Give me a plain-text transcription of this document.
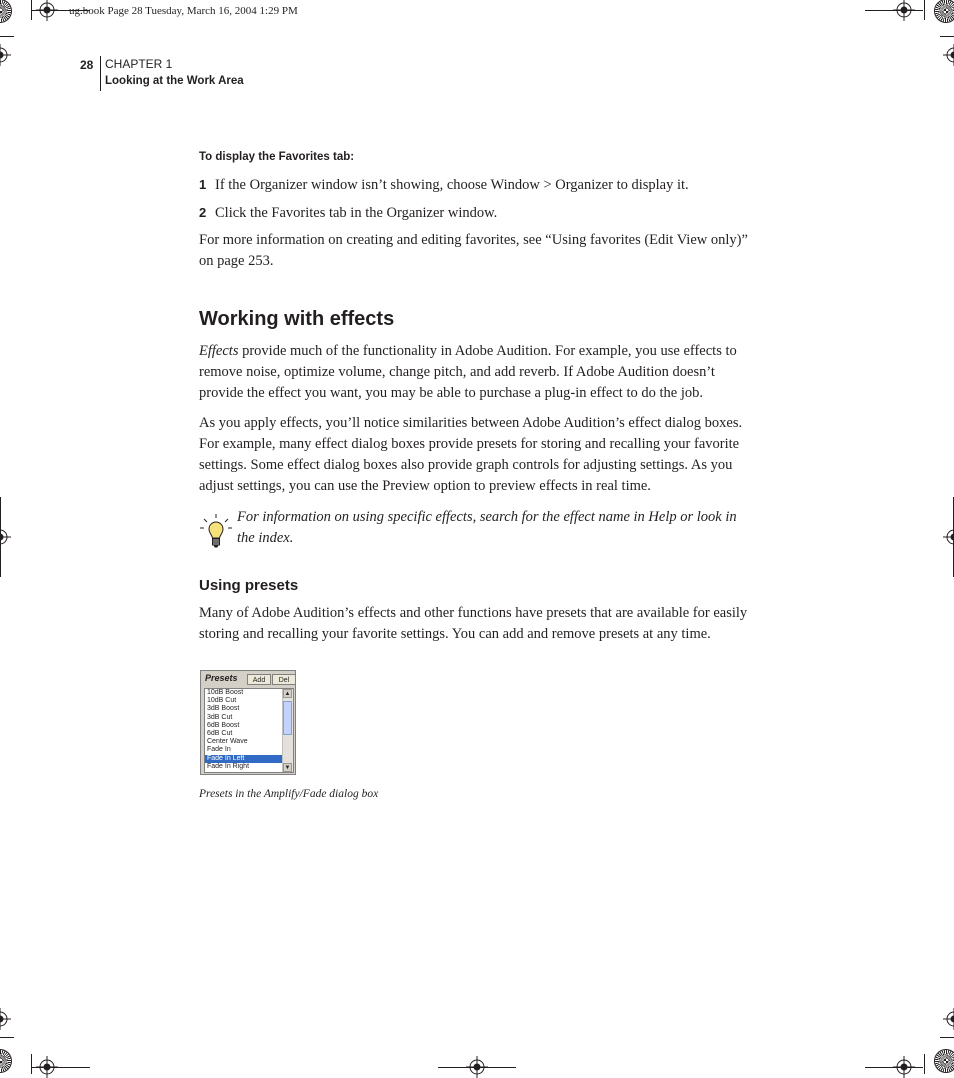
ug.book Page 28 Tuesday, March 16, 2004 1:29 PM
28 CHAPTER 1
Looking at the Work Area
To display the Favorites tab:
1 If the Organizer window isn’t showing, choose Window > Organizer to display it.
2 Click the Favorites tab in the Organizer window.
For more information on creating and editing favorites, see “Using favorites (Edit View only)” on page 253.
Working with effects
Effects provide much of the functionality in Adobe Audition. For example, you use effects to remove noise, optimize volume, change pitch, and add reverb. If Adobe Audition doesn’t provide the effect you want, you may be able to purchase a plug-in effect to do the job.
As you apply effects, you’ll notice similarities between Adobe Audition’s effect dialog boxes. For example, many effect dialog boxes provide presets for storing and recalling your favorite settings. Some effect dialog boxes also provide graph controls for adjusting settings. As you adjust settings, you can use the Preview option to preview effects in real time.
For information on using specific effects, search for the effect name in Help or look in the index.
Using presets
Many of Adobe Audition’s effects and other functions have presets that are available for easily storing and recalling your favorite settings. You can add and remove presets at any time.
Presets	Add	Del
10dB Boost
10dB Cut
3dB Boost
3dB Cut
6dB Boost
6dB Cut
Center Wave
Fade In
Fade In Left
Fade In Right
▲
▼
Presets in the Amplify/Fade dialog box
